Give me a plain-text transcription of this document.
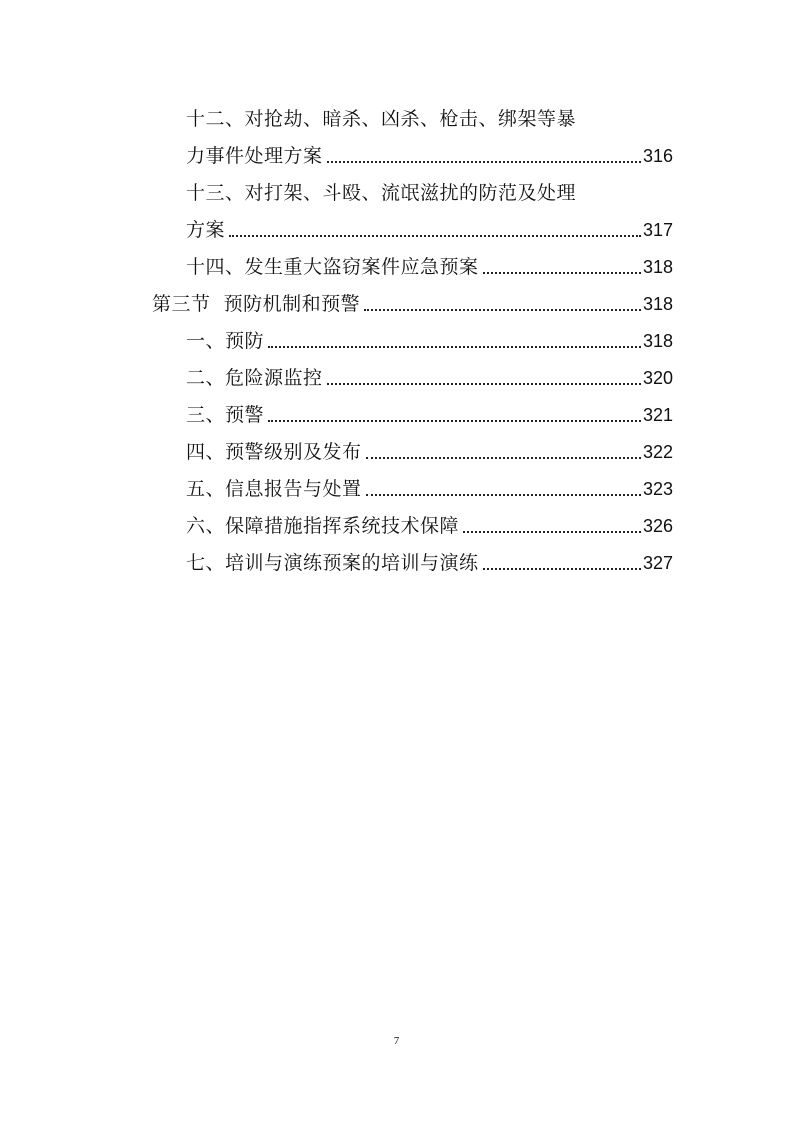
十二、对抢劫、暗杀、凶杀、枪击、绑架等暴
力事件处理方案	316
十三、对打架、斗殴、流氓滋扰的防范及处理
方案	317
十四、发生重大盗窃案件应急预案	318
第三节  预防机制和预警	318
一、预防	318
二、危险源监控	320
三、预警	321
四、预警级别及发布	322
五、信息报告与处置	323
六、保障措施指挥系统技术保障	326
七、培训与演练预案的培训与演练	327
7
